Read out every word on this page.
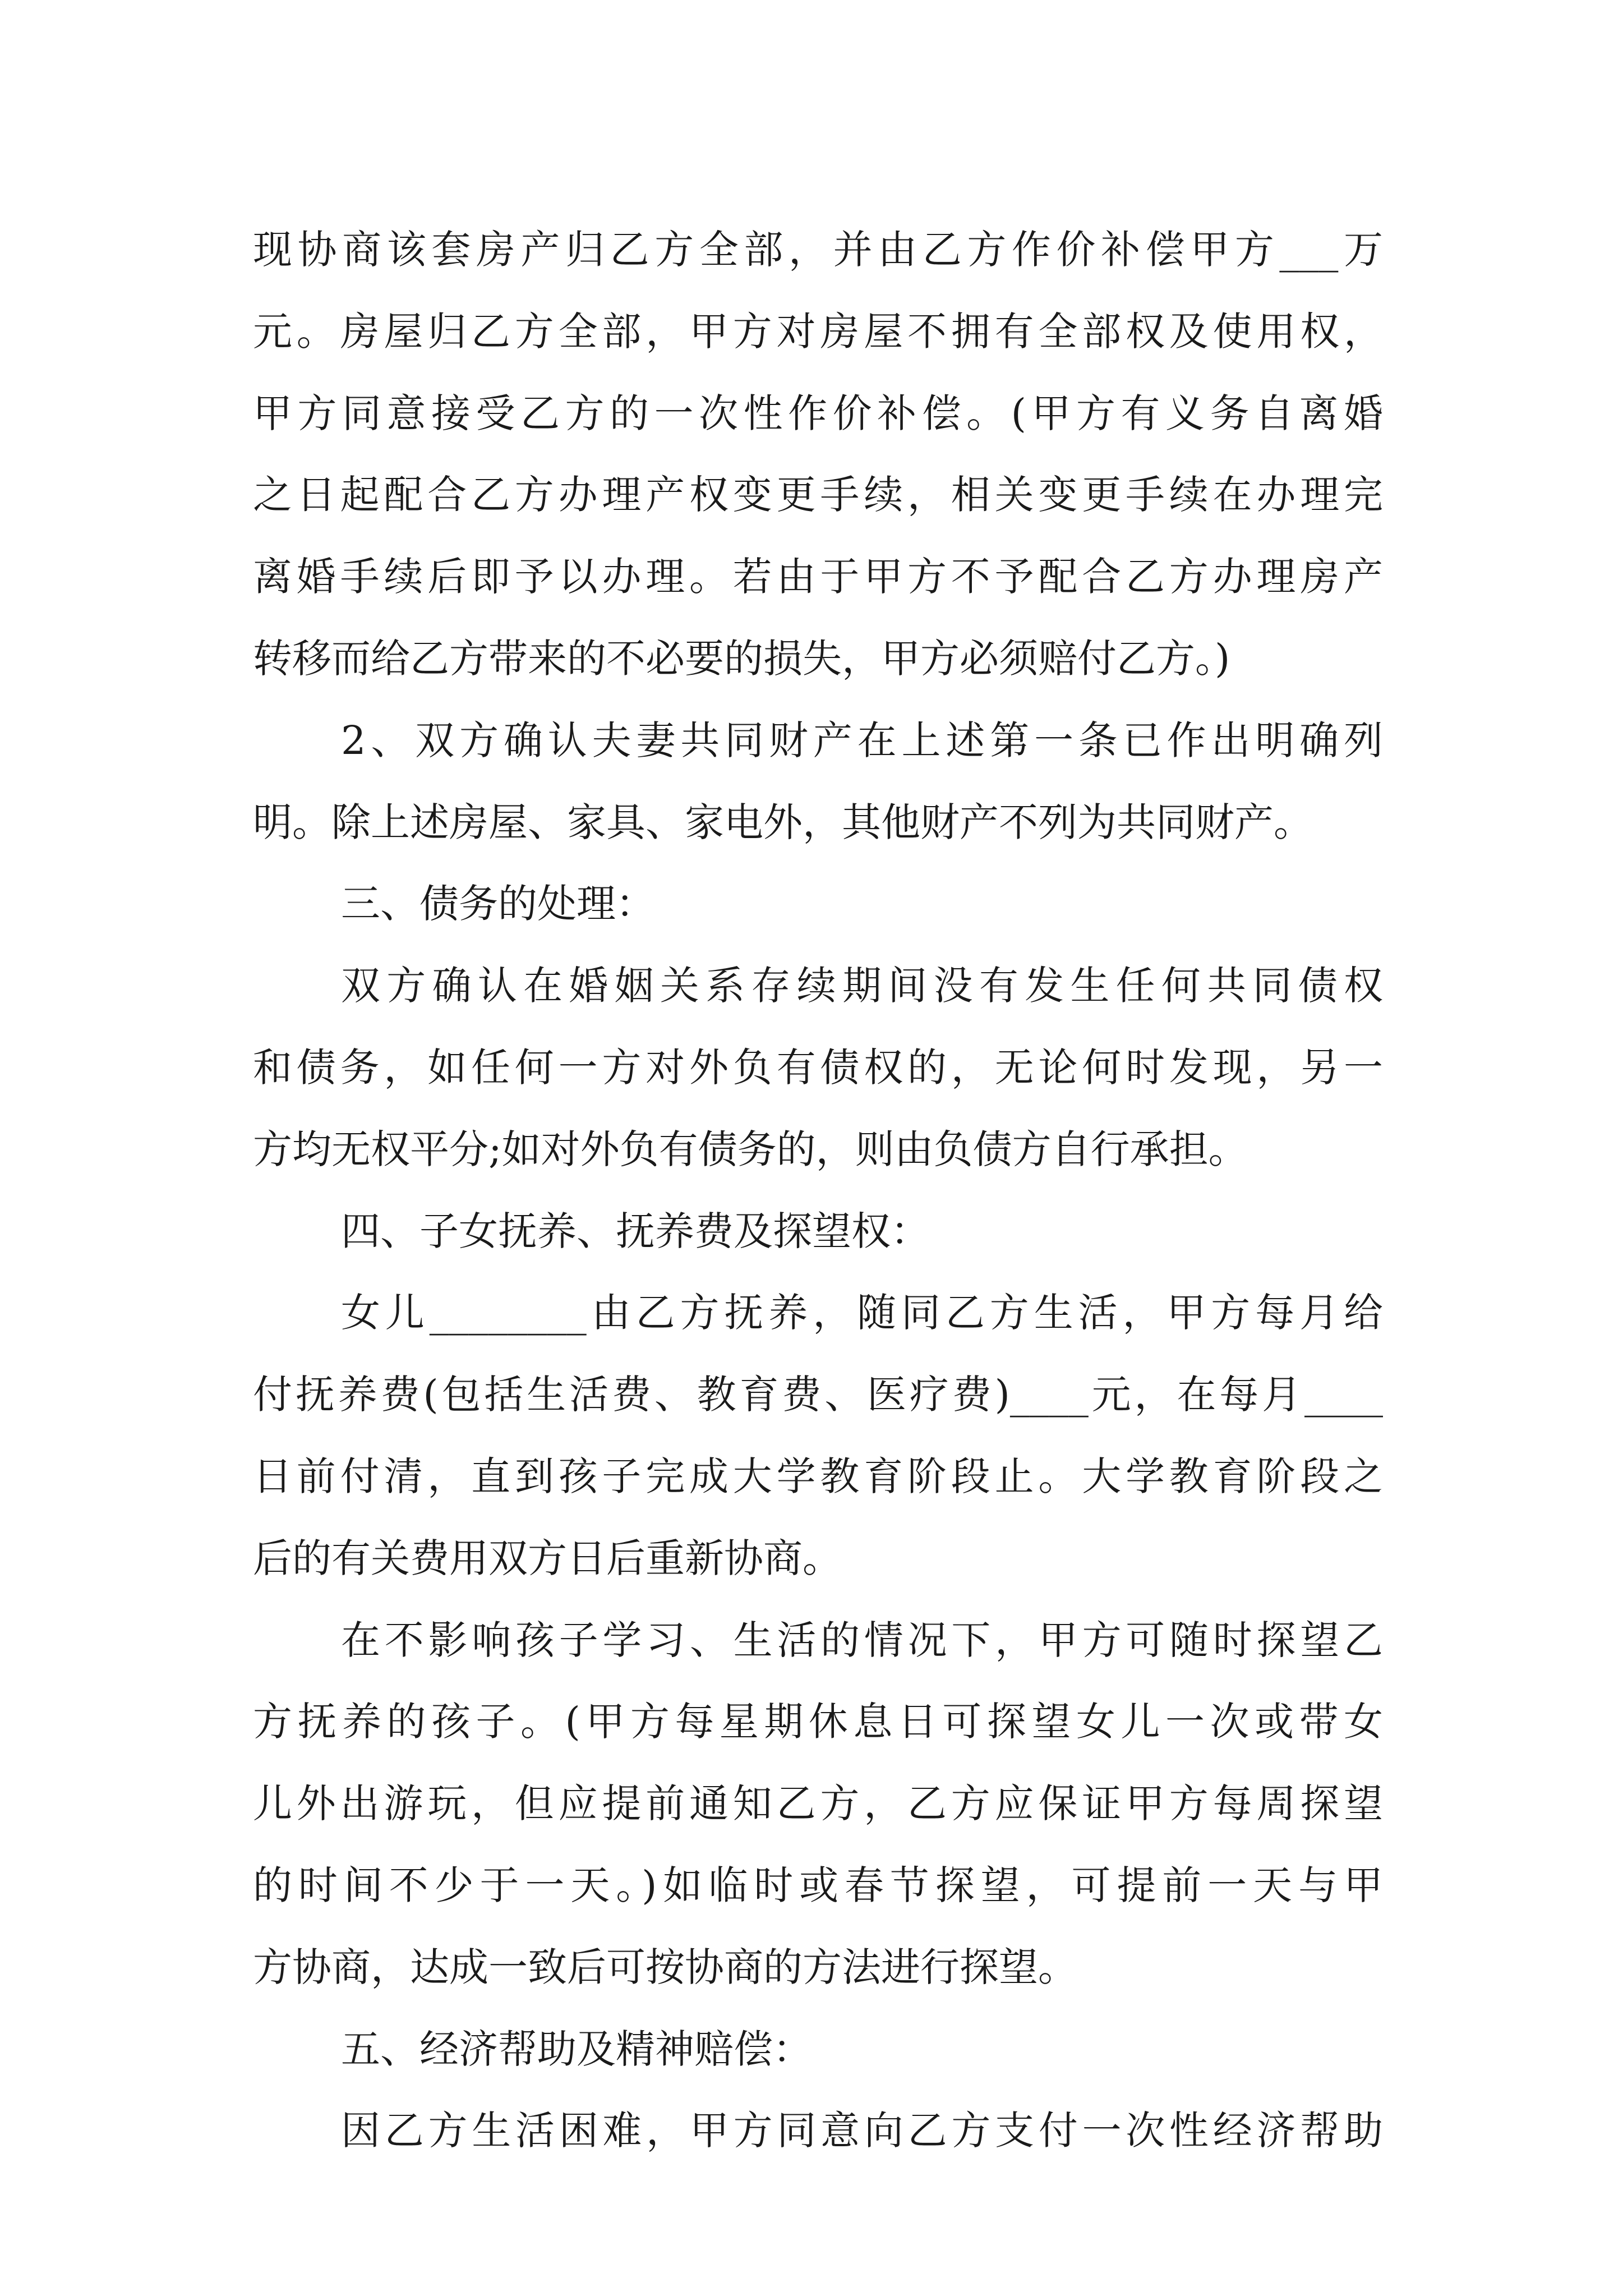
现协商该套房产归乙方全部，并由乙方作价补偿甲方___万
元。房屋归乙方全部，甲方对房屋不拥有全部权及使用权，
甲方同意接受乙方的一次性作价补偿。(甲方有义务自离婚
之日起配合乙方办理产权变更手续，相关变更手续在办理完
离婚手续后即予以办理。若由于甲方不予配合乙方办理房产
转移而给乙方带来的不必要的损失，甲方必须赔付乙方。)
2、双方确认夫妻共同财产在上述第一条已作出明确列
明。除上述房屋、家具、家电外，其他财产不列为共同财产。
三、债务的处理：
双方确认在婚姻关系存续期间没有发生任何共同债权
和债务，如任何一方对外负有债权的，无论何时发现，另一
方均无权平分;如对外负有债务的，则由负债方自行承担。
四、子女抚养、抚养费及探望权：
女儿________由乙方抚养，随同乙方生活，甲方每月给
付抚养费(包括生活费、教育费、医疗费)____元，在每月____
日前付清，直到孩子完成大学教育阶段止。大学教育阶段之
后的有关费用双方日后重新协商。
在不影响孩子学习、生活的情况下，甲方可随时探望乙
方抚养的孩子。(甲方每星期休息日可探望女儿一次或带女
儿外出游玩，但应提前通知乙方，乙方应保证甲方每周探望
的时间不少于一天。)如临时或春节探望，可提前一天与甲
方协商，达成一致后可按协商的方法进行探望。
五、经济帮助及精神赔偿：
因乙方生活困难，甲方同意向乙方支付一次性经济帮助
